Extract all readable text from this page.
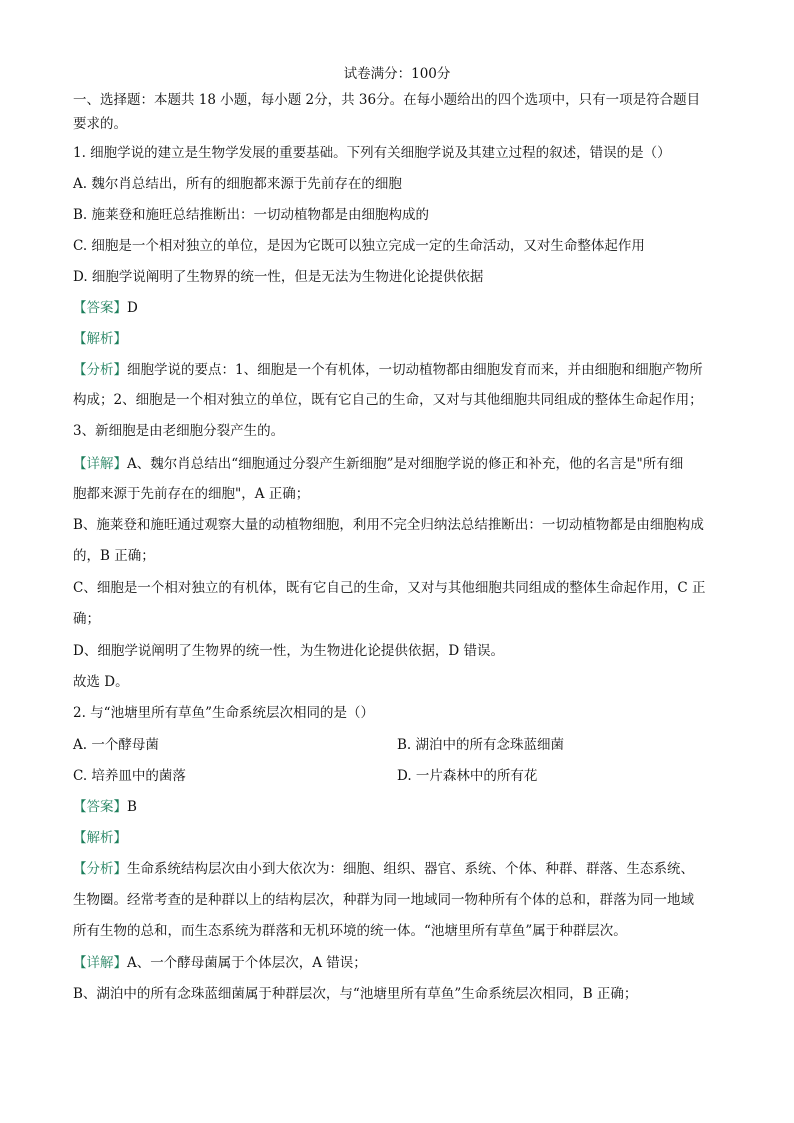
试卷满分：100分
一、选择题：本题共 18 小题，每小题 2分，共 36分。在每小题给出的四个选项中，只有一项是符合题目
要求的。
1. 细胞学说的建立是生物学发展的重要基础。下列有关细胞学说及其建立过程的叙述，错误的是（）
A. 魏尔肖总结出，所有的细胞都来源于先前存在的细胞
B. 施莱登和施旺总结推断出：一切动植物都是由细胞构成的
C. 细胞是一个相对独立的单位，是因为它既可以独立完成一定的生命活动，又对生命整体起作用
D. 细胞学说阐明了生物界的统一性，但是无法为生物进化论提供依据
【答案】D
【解析】
【分析】细胞学说的要点：1、细胞是一个有机体，一切动植物都由细胞发育而来，并由细胞和细胞产物所
构成；2、细胞是一个相对独立的单位，既有它自己的生命，又对与其他细胞共同组成的整体生命起作用；
3、新细胞是由老细胞分裂产生的。
【详解】A、魏尔肖总结出“细胞通过分裂产生新细胞”是对细胞学说的修正和补充，他的名言是"所有细
胞都来源于先前存在的细胞"，A 正确；
B、施莱登和施旺通过观察大量的动植物细胞，利用不完全归纳法总结推断出：一切动植物都是由细胞构成
的，B 正确；
C、细胞是一个相对独立的有机体，既有它自己的生命，又对与其他细胞共同组成的整体生命起作用，C 正
确；
D、细胞学说阐明了生物界的统一性，为生物进化论提供依据，D 错误。
故选 D。
2. 与“池塘里所有草鱼”生命系统层次相同的是（）
A. 一个酵母菌	B. 湖泊中的所有念珠蓝细菌
C. 培养皿中的菌落	D. 一片森林中的所有花
【答案】B
【解析】
【分析】生命系统结构层次由小到大依次为：细胞、组织、器官、系统、个体、种群、群落、生态系统、
生物圈。经常考查的是种群以上的结构层次，种群为同一地域同一物种所有个体的总和，群落为同一地域
所有生物的总和，而生态系统为群落和无机环境的统一体。“池塘里所有草鱼”属于种群层次。
【详解】A、一个酵母菌属于个体层次，A 错误；
B、湖泊中的所有念珠蓝细菌属于种群层次，与“池塘里所有草鱼”生命系统层次相同，B 正确；
